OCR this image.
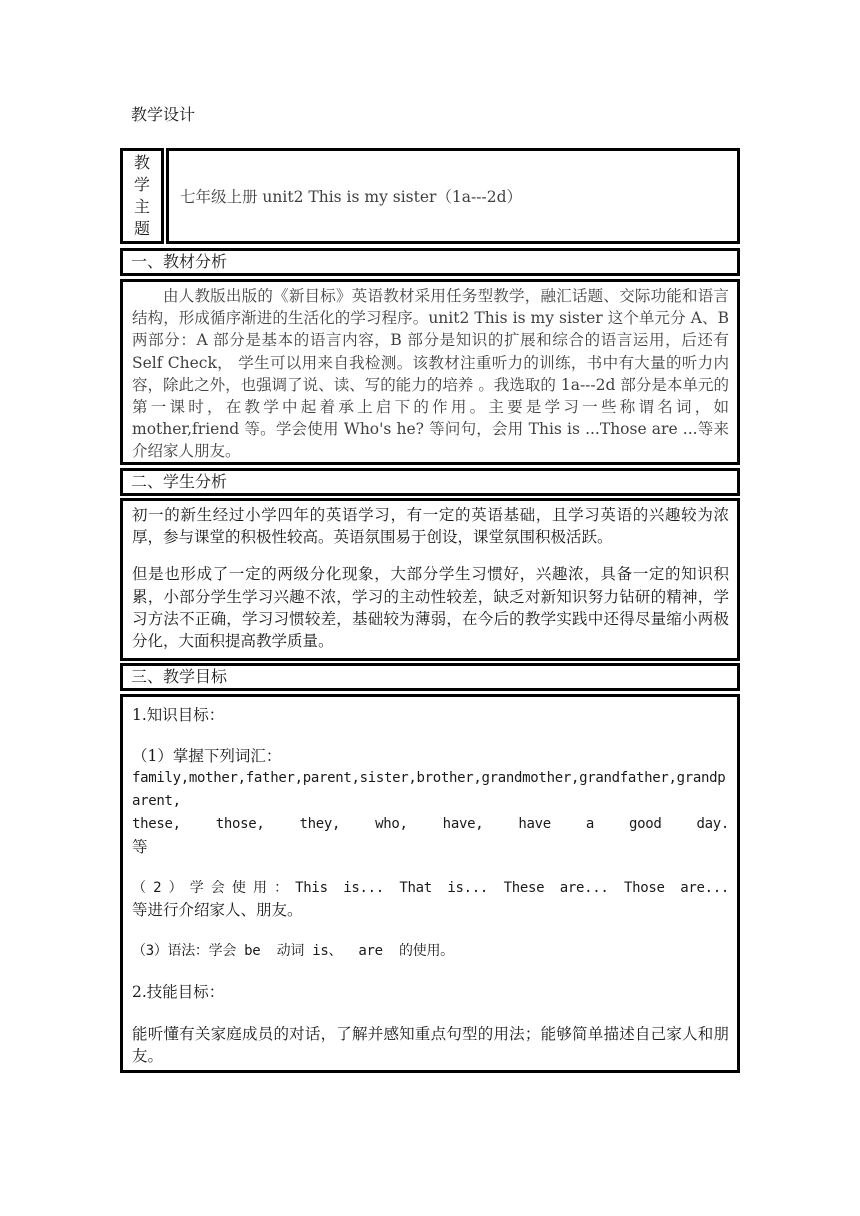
教学设计
教学主题
七年级上册 unit2 This is my sister（1a---2d）
一、教材分析

由人教版出版的《新目标》英语教材采用任务型教学，融汇话题、交际功能和语言结构，形成循序渐进的生活化的学习程序。unit2 This is my sister 这个单元分 A、B 两部分：A 部分是基本的语言内容，B 部分是知识的扩展和综合的语言运用，后还有 Self Check， 学生可以用来自我检测。该教材注重听力的训练，书中有大量的听力内容，除此之外，也强调了说、读、写的能力的培养 。我选取的 1a---2d 部分是本单元的第一课时，在教学中起着承上启下的作用。主要是学习一些称谓名词，如 mother,friend 等。学会使用 Who's he? 等问句，会用 This is ...Those are ...等来介绍家人朋友。

二、学生分析

初一的新生经过小学四年的英语学习，有一定的英语基础，且学习英语的兴趣较为浓厚，参与课堂的积极性较高。英语氛围易于创设，课堂氛围积极活跃。

但是也形成了一定的两级分化现象，大部分学生习惯好，兴趣浓，具备一定的知识积累，小部分学生学习兴趣不浓，学习的主动性较差，缺乏对新知识努力钻研的精神，学习方法不正确，学习习惯较差，基础较为薄弱，在今后的教学实践中还得尽量缩小两极分化，大面积提高教学质量。

三、教学目标

1.知识目标：

（1）掌握下列词汇：

family,mother,father,parent,sister,brother,grandmother,grandfather,grandparent,

these, those, they, who, have, have a good day.

等

（2）学会使用：This is... That is... These are... Those are...

等进行介绍家人、朋友。

（3）语法：学会 be  动词 is、  are  的使用。

2.技能目标：

能听懂有关家庭成员的对话，了解并感知重点句型的用法；能够简单描述自己家人和朋友。
